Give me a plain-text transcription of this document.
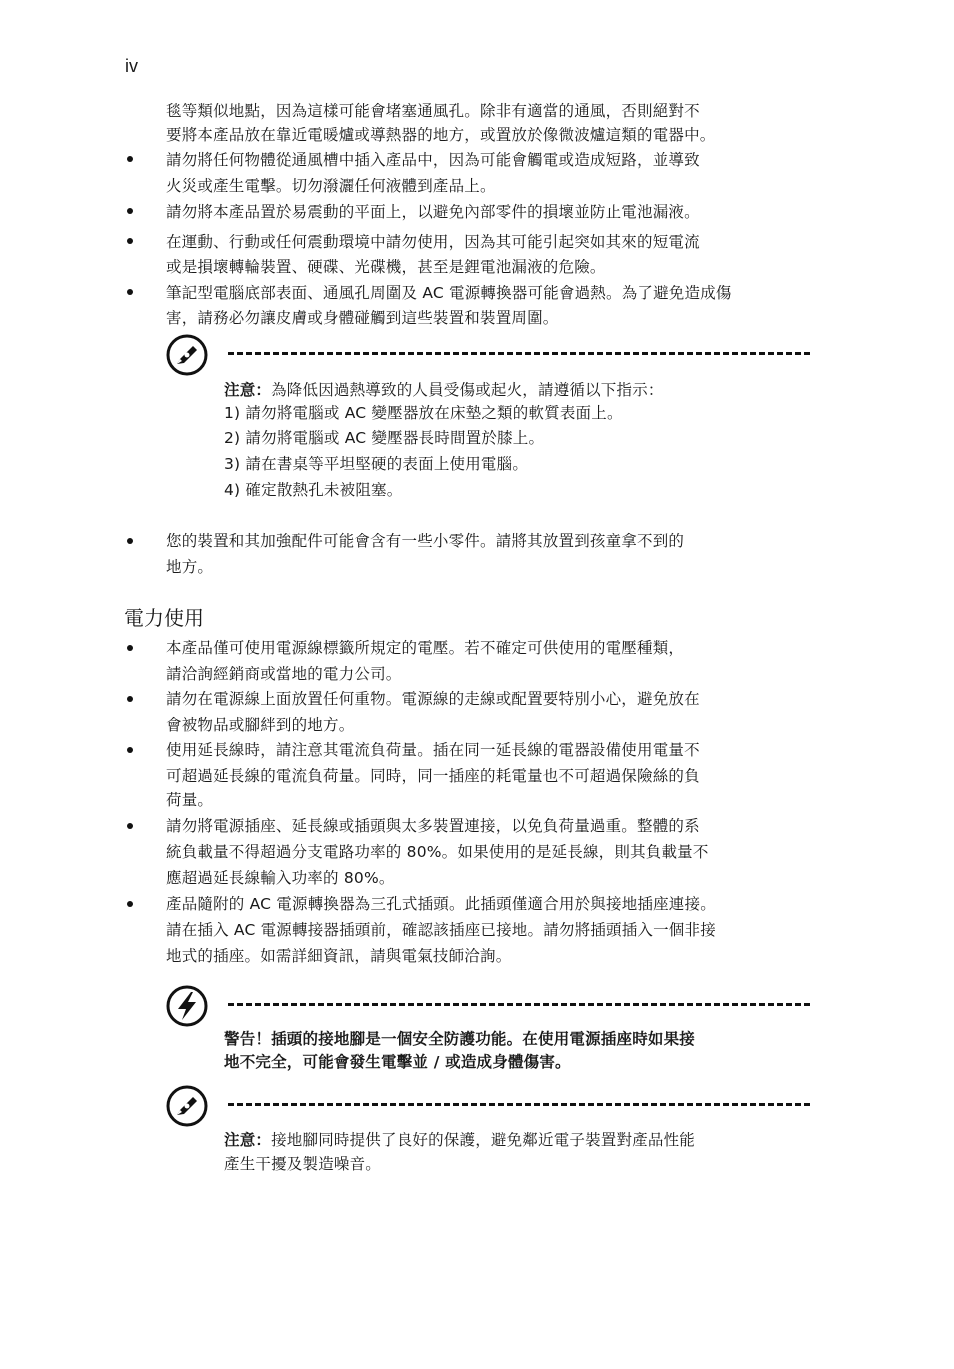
iv
毯等類似地點，因為這樣可能會堵塞通風孔。除非有適當的通風，否則絕對不
要將本產品放在靠近電暖爐或導熱器的地方，或置放於像微波爐這類的電器中。
請勿將任何物體從通風槽中插入產品中，因為可能會觸電或造成短路，並導致
火災或產生電擊。切勿潑灑任何液體到產品上。
請勿將本產品置於易震動的平面上，以避免內部零件的損壞並防止電池漏液。
在運動、行動或任何震動環境中請勿使用，因為其可能引起突如其來的短電流
或是損壞轉輪裝置、硬碟、光碟機，甚至是鋰電池漏液的危險。
筆記型電腦底部表面、通風孔周圍及 AC 電源轉換器可能會過熱。為了避免造成傷
害，請務必勿讓皮膚或身體碰觸到這些裝置和裝置周圍。
注意：為降低因過熱導致的人員受傷或起火，請遵循以下指示：
1) 請勿將電腦或 AC 變壓器放在床墊之類的軟質表面上。
2) 請勿將電腦或 AC 變壓器長時間置於膝上。
3) 請在書桌等平坦堅硬的表面上使用電腦。
4) 確定散熱孔未被阻塞。
您的裝置和其加強配件可能會含有一些小零件。請將其放置到孩童拿不到的
地方。
電力使用
本產品僅可使用電源線標籤所規定的電壓。若不確定可供使用的電壓種類，
請洽詢經銷商或當地的電力公司。
請勿在電源線上面放置任何重物。電源線的走線或配置要特別小心，避免放在
會被物品或腳絆到的地方。
使用延長線時，請注意其電流負荷量。插在同一延長線的電器設備使用電量不
可超過延長線的電流負荷量。同時，同一插座的耗電量也不可超過保險絲的負
荷量。
請勿將電源插座、延長線或插頭與太多裝置連接，以免負荷量過重。整體的系
統負載量不得超過分支電路功率的 80%。如果使用的是延長線，則其負載量不
應超過延長線輸入功率的 80%。
產品隨附的 AC 電源轉換器為三孔式插頭。此插頭僅適合用於與接地插座連接。
請在插入 AC 電源轉接器插頭前，確認該插座已接地。請勿將插頭插入一個非接
地式的插座。如需詳細資訊，請與電氣技師洽詢。
警告！插頭的接地腳是一個安全防護功能。在使用電源插座時如果接
地不完全，可能會發生電擊並 / 或造成身體傷害。
注意：接地腳同時提供了良好的保護，避免鄰近電子裝置對產品性能
產生干擾及製造噪音。
